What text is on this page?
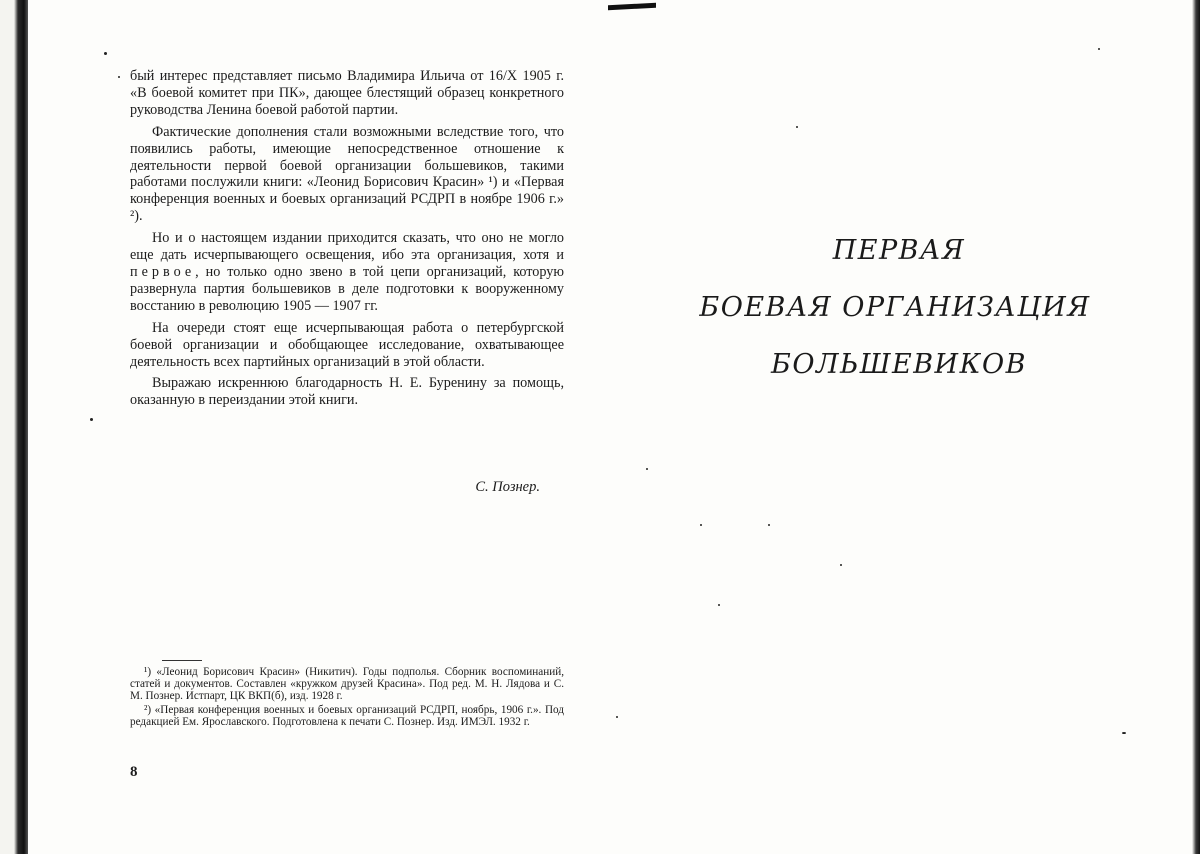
бый интерес представляет письмо Владимира Ильича от 16/X 1905 г. «В боевой комитет при ПК», дающее блестящий образец конкретного руководства Ленина боевой работой партии.

Фактические дополнения стали возможными вследствие того, что появились работы, имеющие непосредственное отношение к деятельности первой боевой организации большевиков, такими работами послужили книги: «Леонид Борисович Красин» ¹) и «Первая конференция военных и боевых организаций РСДРП в ноябре 1906 г.» ²).

Но и о настоящем издании приходится сказать, что оно не могло еще дать исчерпывающего освещения, ибо эта организация, хотя и первое, но только одно звено в той цепи организаций, которую развернула партия большевиков в деле подготовки к вооруженному восстанию в революцию 1905 — 1907 гг.

На очереди стоят еще исчерпывающая работа о петербургской боевой организации и обобщающее исследование, охватывающее деятельность всех партийных организаций в этой области.

Выражаю искреннюю благодарность Н. Е. Буренину за помощь, оказанную в переиздании этой книги.

С. Познер.

¹) «Леонид Борисович Красин» (Никитич). Годы подполья. Сборник воспоминаний, статей и документов. Составлен «кружком друзей Красина». Под ред. М. Н. Лядова и С. М. Познер. Истпарт, ЦК ВКП(б), изд. 1928 г.

²) «Первая конференция военных и боевых организаций РСДРП, ноябрь, 1906 г.». Под редакцией Ем. Ярославского. Подготовлена к печати С. Познер. Изд. ИМЭЛ. 1932 г.

8
ПЕРВАЯ
БОЕВАЯ ОРГАНИЗАЦИЯ
БОЛЬШЕВИКОВ
